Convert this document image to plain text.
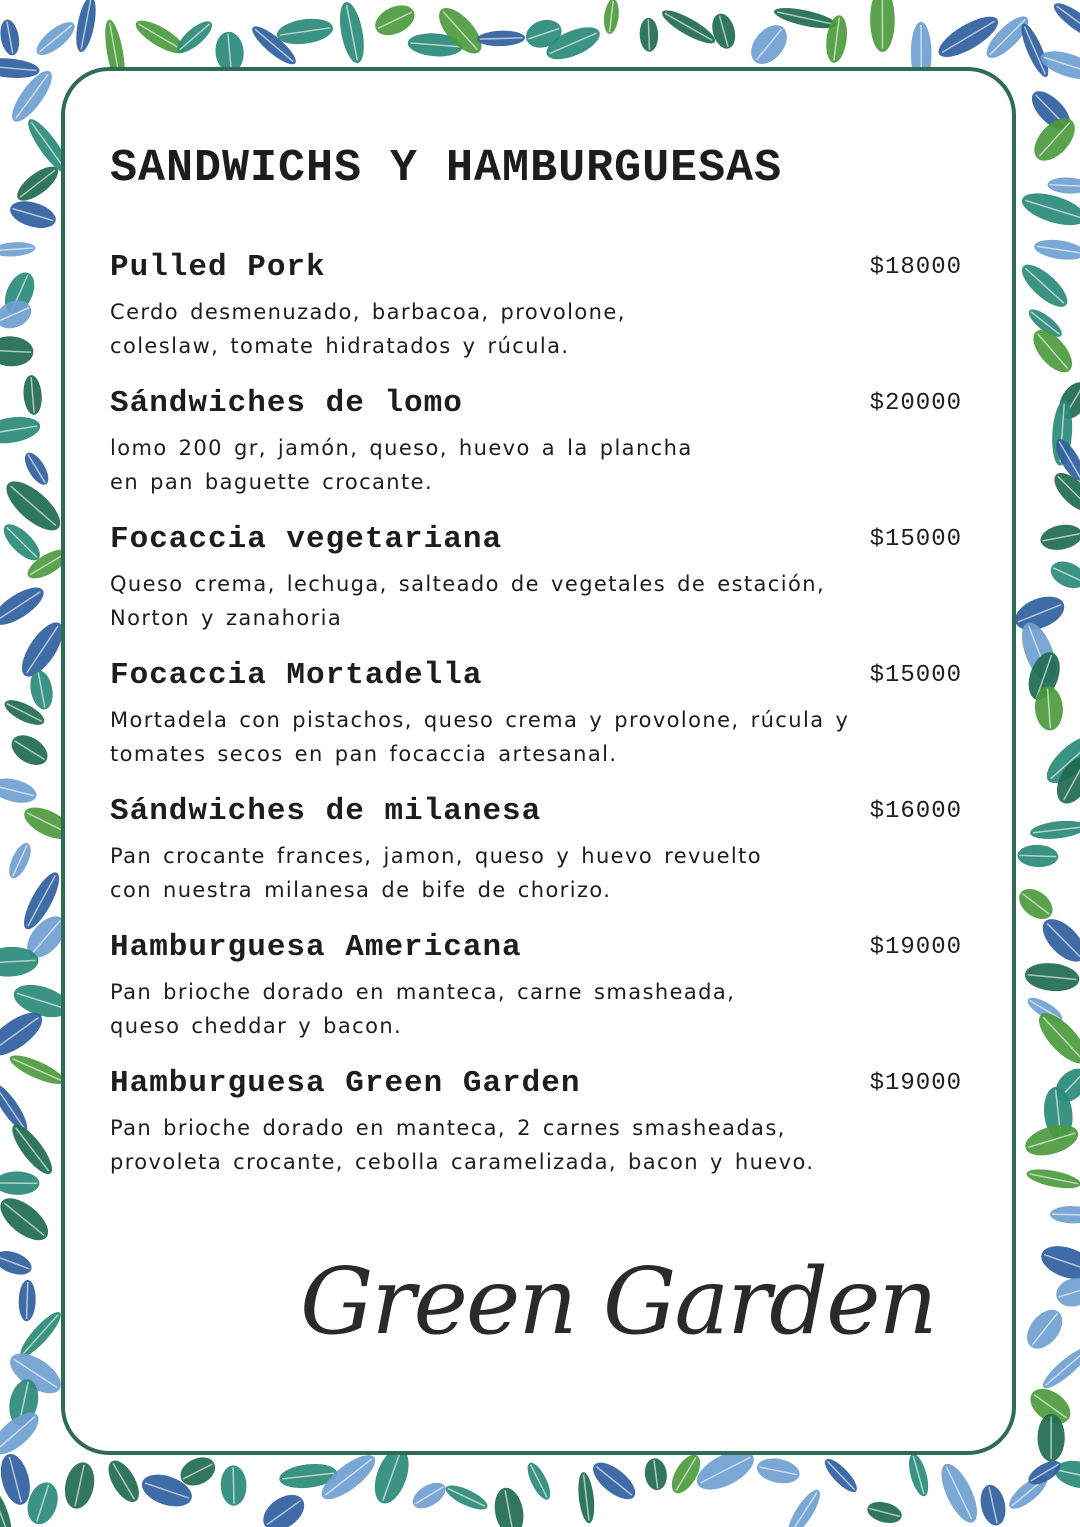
SANDWICHS Y HAMBURGUESAS
Pulled Pork	$18000
Cerdo desmenuzado, barbacoa, provolone,
coleslaw, tomate hidratados y rúcula.
Sándwiches de lomo	$20000
lomo 200 gr, jamón, queso, huevo a la plancha
en pan baguette crocante.
Focaccia vegetariana	$15000
Queso crema, lechuga, salteado de vegetales de estación,
Norton y zanahoria
Focaccia Mortadella	$15000
Mortadela con pistachos, queso crema y provolone, rúcula y
tomates secos en pan focaccia artesanal.
Sándwiches de milanesa	$16000
Pan crocante frances, jamon, queso y huevo revuelto
con nuestra milanesa de bife de chorizo.
Hamburguesa Americana	$19000
Pan brioche dorado en manteca, carne smasheada,
queso cheddar y bacon.
Hamburguesa Green Garden	$19000
Pan brioche dorado en manteca, 2 carnes smasheadas,
provoleta crocante, cebolla caramelizada, bacon y huevo.
Green Garden
